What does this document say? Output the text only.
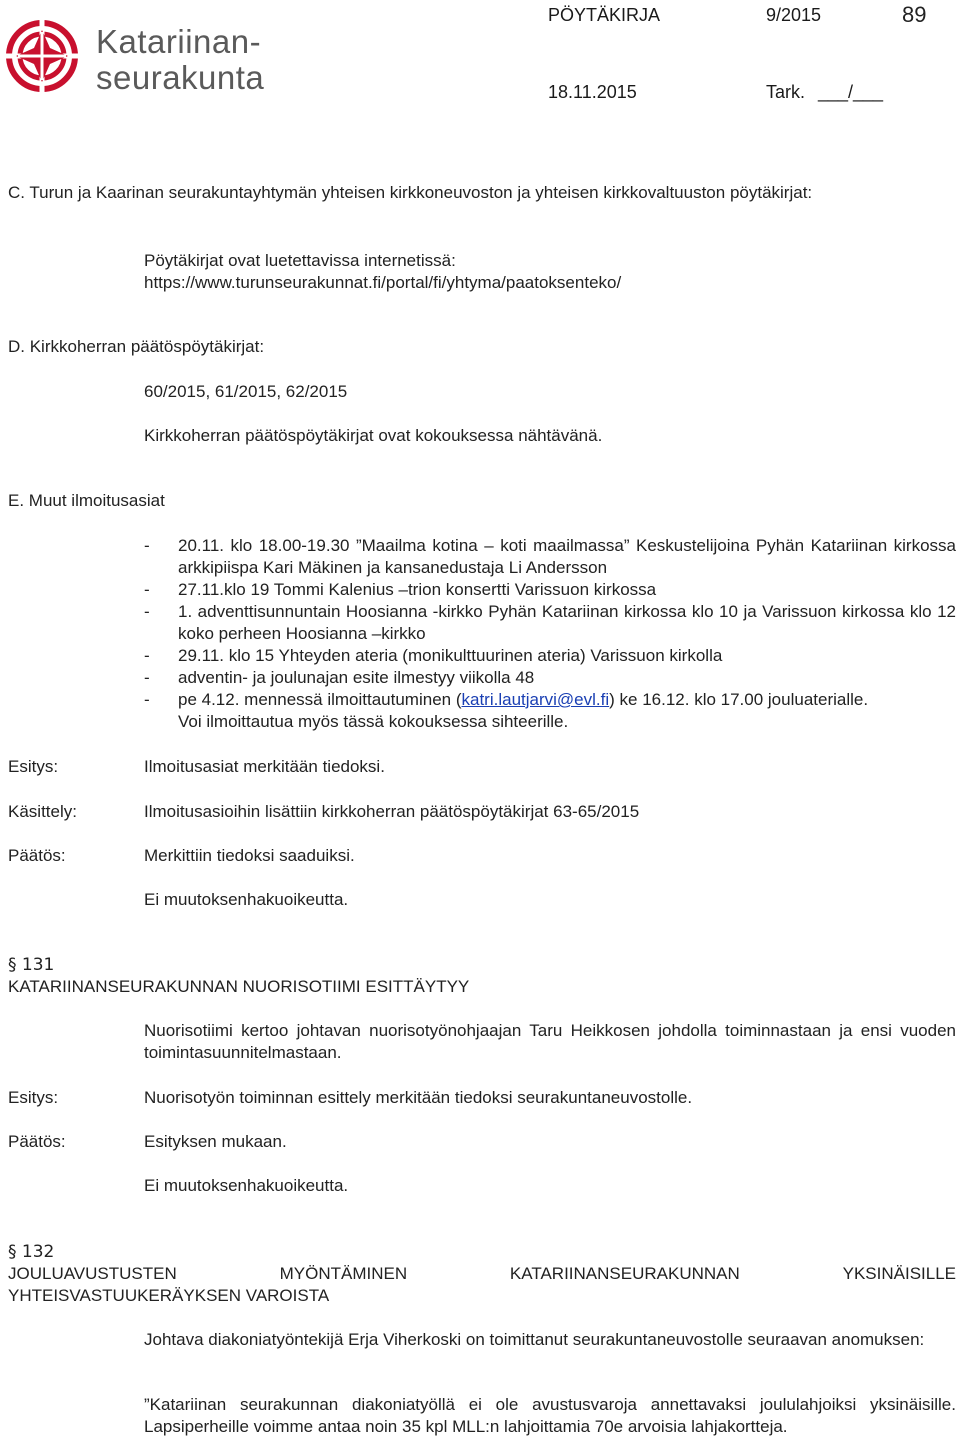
Katariinan-
seurakunta
PÖYTÄKIRJA	9/2015	89
18.11.2015	Tark. ___/___
C. Turun ja Kaarinan seurakuntayhtymän yhteisen kirkkoneuvoston ja yhteisen kirkkovaltuuston pöytäkirjat:
Pöytäkirjat ovat luetettavissa internetissä:
https://www.turunseurakunnat.fi/portal/fi/yhtyma/paatoksenteko/
D. Kirkkoherran päätöspöytäkirjat:
60/2015, 61/2015, 62/2015
Kirkkoherran päätöspöytäkirjat ovat kokouksessa nähtävänä.
E. Muut ilmoitusasiat
- 20.11. klo 18.00-19.30 ”Maailma kotina – koti maailmassa” Keskustelijoina Pyhän Katariinan kirkossa arkkipiispa Kari Mäkinen ja kansanedustaja Li Andersson
- 27.11.klo 19 Tommi Kalenius –trion konsertti Varissuon kirkossa
- 1. adventtisunnuntain Hoosianna -kirkko Pyhän Katariinan kirkossa klo 10 ja Varissuon kirkossa klo 12 koko perheen Hoosianna –kirkko
- 29.11. klo 15 Yhteyden ateria (monikulttuurinen ateria) Varissuon kirkolla
- adventin- ja joulunajan esite ilmestyy viikolla 48
- pe 4.12. mennessä ilmoittautuminen (katri.lautjarvi@evl.fi) ke 16.12. klo 17.00 jouluaterialle.
Voi ilmoittautua myös tässä kokouksessa sihteerille.
Esitys:	Ilmoitusasiat merkitään tiedoksi.
Käsittely:	Ilmoitusasioihin lisättiin kirkkoherran päätöspöytäkirjat 63-65/2015
Päätös:	Merkittiin tiedoksi saaduiksi.
Ei muutoksenhakuoikeutta.
§ 131
KATARIINANSEURAKUNNAN NUORISOTIIMI ESITTÄYTYY
Nuorisotiimi kertoo johtavan nuorisotyönohjaajan Taru Heikkosen johdolla toiminnastaan ja ensi vuoden toimintasuunnitelmastaan.
Esitys:	Nuorisotyön toiminnan esittely merkitään tiedoksi seurakuntaneuvostolle.
Päätös:	Esityksen mukaan.
Ei muutoksenhakuoikeutta.
§ 132
JOULUAVUSTUSTEN	MYÖNTÄMINEN	KATARIINANSEURAKUNNAN	YKSINÄISILLE
YHTEISVASTUUKERÄYKSEN VAROISTA
Johtava diakoniatyöntekijä Erja Viherkoski on toimittanut seurakuntaneuvostolle seuraavan anomuksen:
”Katariinan seurakunnan diakoniatyöllä ei ole avustusvaroja annettavaksi joululahjoiksi yksinäisille. Lapsiperheille voimme antaa noin 35 kpl MLL:n lahjoittamia 70e arvoisia lahjakortteja.
